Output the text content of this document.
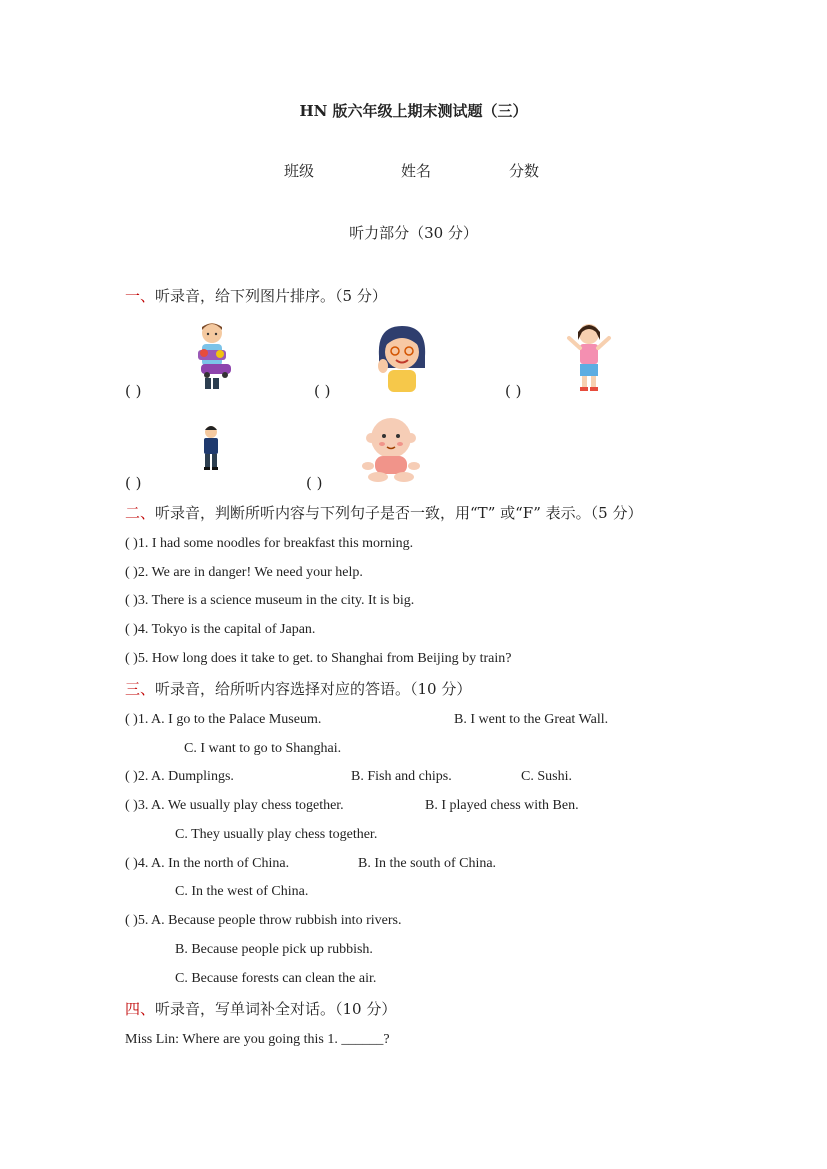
HN 版六年级上期末测试题（三）
班级	姓名	分数
听力部分（30 分）
一、听录音，给下列图片排序。（5 分）
( )	( )	( )
( )	( )
二、听录音，判断所听内容与下列句子是否一致，用“T” 或“F” 表示。（5 分）
( )1. I had some noodles for breakfast this morning.
( )2. We are in danger! We need your help.
( )3. There is a science museum in the city. It is big.
( )4. Tokyo is the capital of Japan.
( )5. How long does it take to get. to Shanghai from Beijing by train?
三、听录音，给所听内容选择对应的答语。（10 分）
( )1. A. I go to the Palace Museum.	B. I went to the Great Wall.
C. I want to go to Shanghai.
( )2. A. Dumplings.	B. Fish and chips.	C. Sushi.
( )3. A. We usually play chess together.	B. I played chess with Ben.
C. They usually play chess together.
( )4. A. In the north of China.	B. In the south of China.
C. In the west of China.
( )5. A. Because people throw rubbish into rivers.
B. Because people pick up rubbish.
C. Because forests can clean the air.
四、听录音，写单词补全对话。（10 分）
Miss Lin: Where are you going this 1. ______?
